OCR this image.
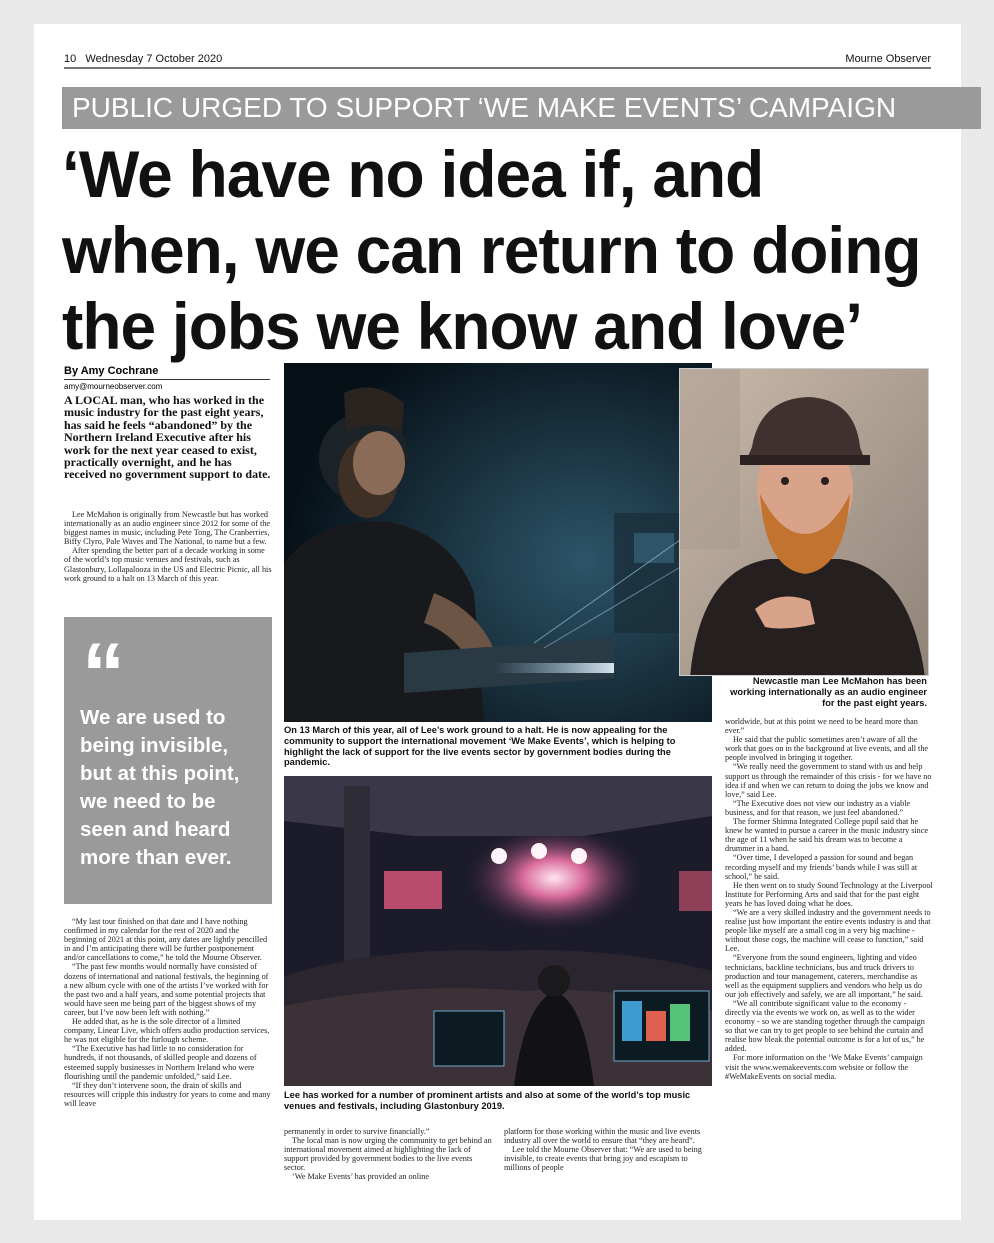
10 Wednesday 7 October 2020	Mourne Observer
PUBLIC URGED TO SUPPORT ‘WE MAKE EVENTS’ CAMPAIGN
‘We have no idea if, and when, we can return to doing the jobs we know and love’
By Amy Cochrane
amy@mourneobserver.com
A LOCAL man, who has worked in the music industry for the past eight years, has said he feels “abandoned” by the Northern Ireland Executive after his work for the next year ceased to exist, practically overnight, and he has received no government support to date.

Lee McMahon is originally from Newcastle but has worked internationally as an audio engineer since 2012 for some of the biggest names in music, including Pete Tong, The Cranberries, Biffy Clyro, Pale Waves and The National, to name but a few.

After spending the better part of a decade working in some of the world’s top music venues and festivals, such as Glastonbury, Lollapalooza in the US and Electric Picnic, all his work ground to a halt on 13 March of this year.

“
We are used to being invisible, but at this point, we need to be seen and heard more than ever.

“My last tour finished on that date and I have nothing confirmed in my calendar for the rest of 2020 and the beginning of 2021 at this point, any dates are lightly pencilled in and I’m anticipating there will be further postponement and/or cancellations to come,” he told the Mourne Observer.

“The past few months would normally have consisted of dozens of international and national festivals, the beginning of a new album cycle with one of the artists I’ve worked with for the past two and a half years, and some potential projects that would have seen me being part of the biggest shows of my career, but I’ve now been left with nothing.”

He added that, as he is the sole director of a limited company, Linear Live, which offers audio production services, he was not eligible for the furlough scheme.

“The Executive has had little to no consideration for hundreds, if not thousands, of skilled people and dozens of esteemed supply businesses in Northern Ireland who were flourishing until the pandemic unfolded,” said Lee.

“If they don’t intervene soon, the drain of skills and resources will cripple this industry for years to come and many will leave

On 13 March of this year, all of Lee’s work ground to a halt. He is now appealing for the community to support the international movement ‘We Make Events’, which is helping to highlight the lack of support for the live events sector by government bodies during the pandemic.
Newcastle man Lee McMahon has been working internationally as an audio engineer for the past eight years.
Lee has worked for a number of prominent artists and also at some of the world’s top music venues and festivals, including Glastonbury 2019.

permanently in order to survive financially.”

The local man is now urging the community to get behind an international movement aimed at highlighting the lack of support provided by government bodies to the live events sector.

‘We Make Events’ has provided an online

platform for those working within the music and live events industry all over the world to ensure that “they are heard”.

Lee told the Mourne Observer that: “We are used to being invisible, to create events that bring joy and escapism to millions of people

worldwide, but at this point we need to be heard more than ever.”

He said that the public sometimes aren’t aware of all the work that goes on in the background at live events, and all the people involved in bringing it together.

“We really need the government to stand with us and help support us through the remainder of this crisis - for we have no idea if and when we can return to doing the jobs we know and love,” said Lee.

“The Executive does not view our industry as a viable business, and for that reason, we just feel abandoned.”

The former Shimna Integrated College pupil said that he knew he wanted to pursue a career in the music industry since the age of 11 when he said his dream was to become a drummer in a band.

“Over time, I developed a passion for sound and began recording myself and my friends’ bands while I was still at school,” he said.

He then went on to study Sound Technology at the Liverpool Institute for Performing Arts and said that for the past eight years he has loved doing what he does.

“We are a very skilled industry and the government needs to realise just how important the entire events industry is and that people like myself are a small cog in a very big machine - without those cogs, the machine will cease to function,” said Lee.

“Everyone from the sound engineers, lighting and video technicians, backline technicians, bus and truck drivers to production and tour management, caterers, merchandise as well as the equipment suppliers and vendors who help us do our job effectively and safely, we are all important,” he said.

“We all contribute significant value to the economy - directly via the events we work on, as well as to the wider economy - so we are standing together through the campaign so that we can try to get people to see behind the curtain and realise how bleak the potential outcome is for a lot of us,” he added.

For more information on the ‘We Make Events’ campaign visit the www.wemakeevents.com website or follow the #WeMakeEvents on social media.
